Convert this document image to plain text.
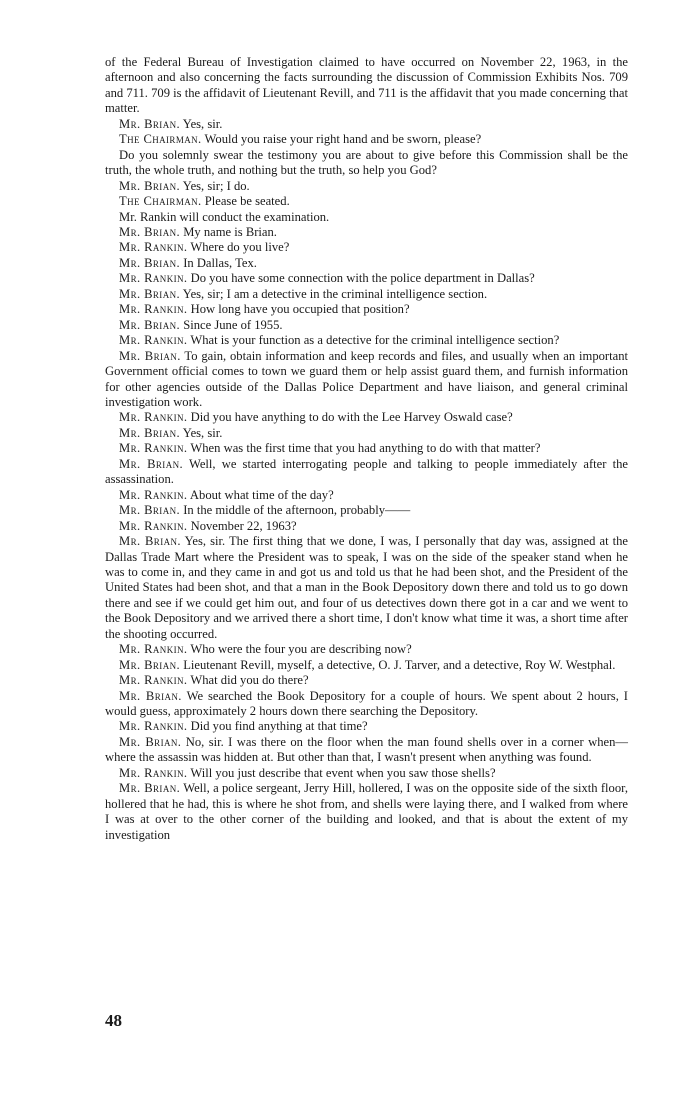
of the Federal Bureau of Investigation claimed to have occurred on November 22, 1963, in the afternoon and also concerning the facts surrounding the discussion of Commission Exhibits Nos. 709 and 711. 709 is the affidavit of Lieutenant Revill, and 711 is the affidavit that you made concerning that matter.

Mr. Brian. Yes, sir.

The Chairman. Would you raise your right hand and be sworn, please?

Do you solemnly swear the testimony you are about to give before this Commission shall be the truth, the whole truth, and nothing but the truth, so help you God?

Mr. Brian. Yes, sir; I do.

The Chairman. Please be seated.

Mr. Rankin will conduct the examination.

Mr. Brian. My name is Brian.

Mr. Rankin. Where do you live?

Mr. Brian. In Dallas, Tex.

Mr. Rankin. Do you have some connection with the police department in Dallas?

Mr. Brian. Yes, sir; I am a detective in the criminal intelligence section.

Mr. Rankin. How long have you occupied that position?

Mr. Brian. Since June of 1955.

Mr. Rankin. What is your function as a detective for the criminal intelligence section?

Mr. Brian. To gain, obtain information and keep records and files, and usually when an important Government official comes to town we guard them or help assist guard them, and furnish information for other agencies outside of the Dallas Police Department and have liaison, and general criminal investigation work.

Mr. Rankin. Did you have anything to do with the Lee Harvey Oswald case?

Mr. Brian. Yes, sir.

Mr. Rankin. When was the first time that you had anything to do with that matter?

Mr. Brian. Well, we started interrogating people and talking to people immediately after the assassination.

Mr. Rankin. About what time of the day?

Mr. Brian. In the middle of the afternoon, probably——

Mr. Rankin. November 22, 1963?

Mr. Brian. Yes, sir. The first thing that we done, I was, I personally that day was, assigned at the Dallas Trade Mart where the President was to speak, I was on the side of the speaker stand when he was to come in, and they came in and got us and told us that he had been shot, and the President of the United States had been shot, and that a man in the Book Depository down there and told us to go down there and see if we could get him out, and four of us detectives down there got in a car and we went to the Book Depository and we arrived there a short time, I don't know what time it was, a short time after the shooting occurred.

Mr. Rankin. Who were the four you are describing now?

Mr. Brian. Lieutenant Revill, myself, a detective, O. J. Tarver, and a detective, Roy W. Westphal.

Mr. Rankin. What did you do there?

Mr. Brian. We searched the Book Depository for a couple of hours. We spent about 2 hours, I would guess, approximately 2 hours down there searching the Depository.

Mr. Rankin. Did you find anything at that time?

Mr. Brian. No, sir. I was there on the floor when the man found shells over in a corner when—where the assassin was hidden at. But other than that, I wasn't present when anything was found.

Mr. Rankin. Will you just describe that event when you saw those shells?

Mr. Brian. Well, a police sergeant, Jerry Hill, hollered, I was on the opposite side of the sixth floor, hollered that he had, this is where he shot from, and shells were laying there, and I walked from where I was at over to the other corner of the building and looked, and that is about the extent of my investigation

48
